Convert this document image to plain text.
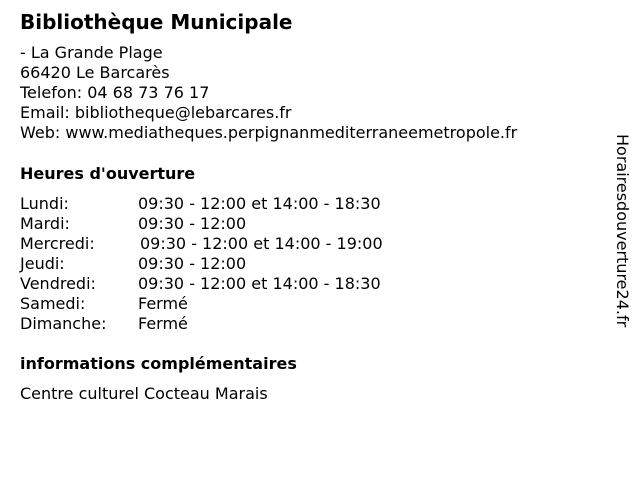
Bibliothèque Municipale
- La Grande Plage
66420 Le Barcarès
Telefon: 04 68 73 76 17
Email: bibliotheque@lebarcares.fr
Web: www.mediatheques.perpignanmediterraneemetropole.fr
Heures d'ouverture
Lundi:	09:30 - 12:00 et 14:00 - 18:30
Mardi:	09:30 - 12:00
Mercredi:	09:30 - 12:00 et 14:00 - 19:00
Jeudi:	09:30 - 12:00
Vendredi:	09:30 - 12:00 et 14:00 - 18:30
Samedi:	Fermé
Dimanche: Fermé
informations complémentaires
Centre culturel Cocteau Marais
Horairesdouverture24.fr
